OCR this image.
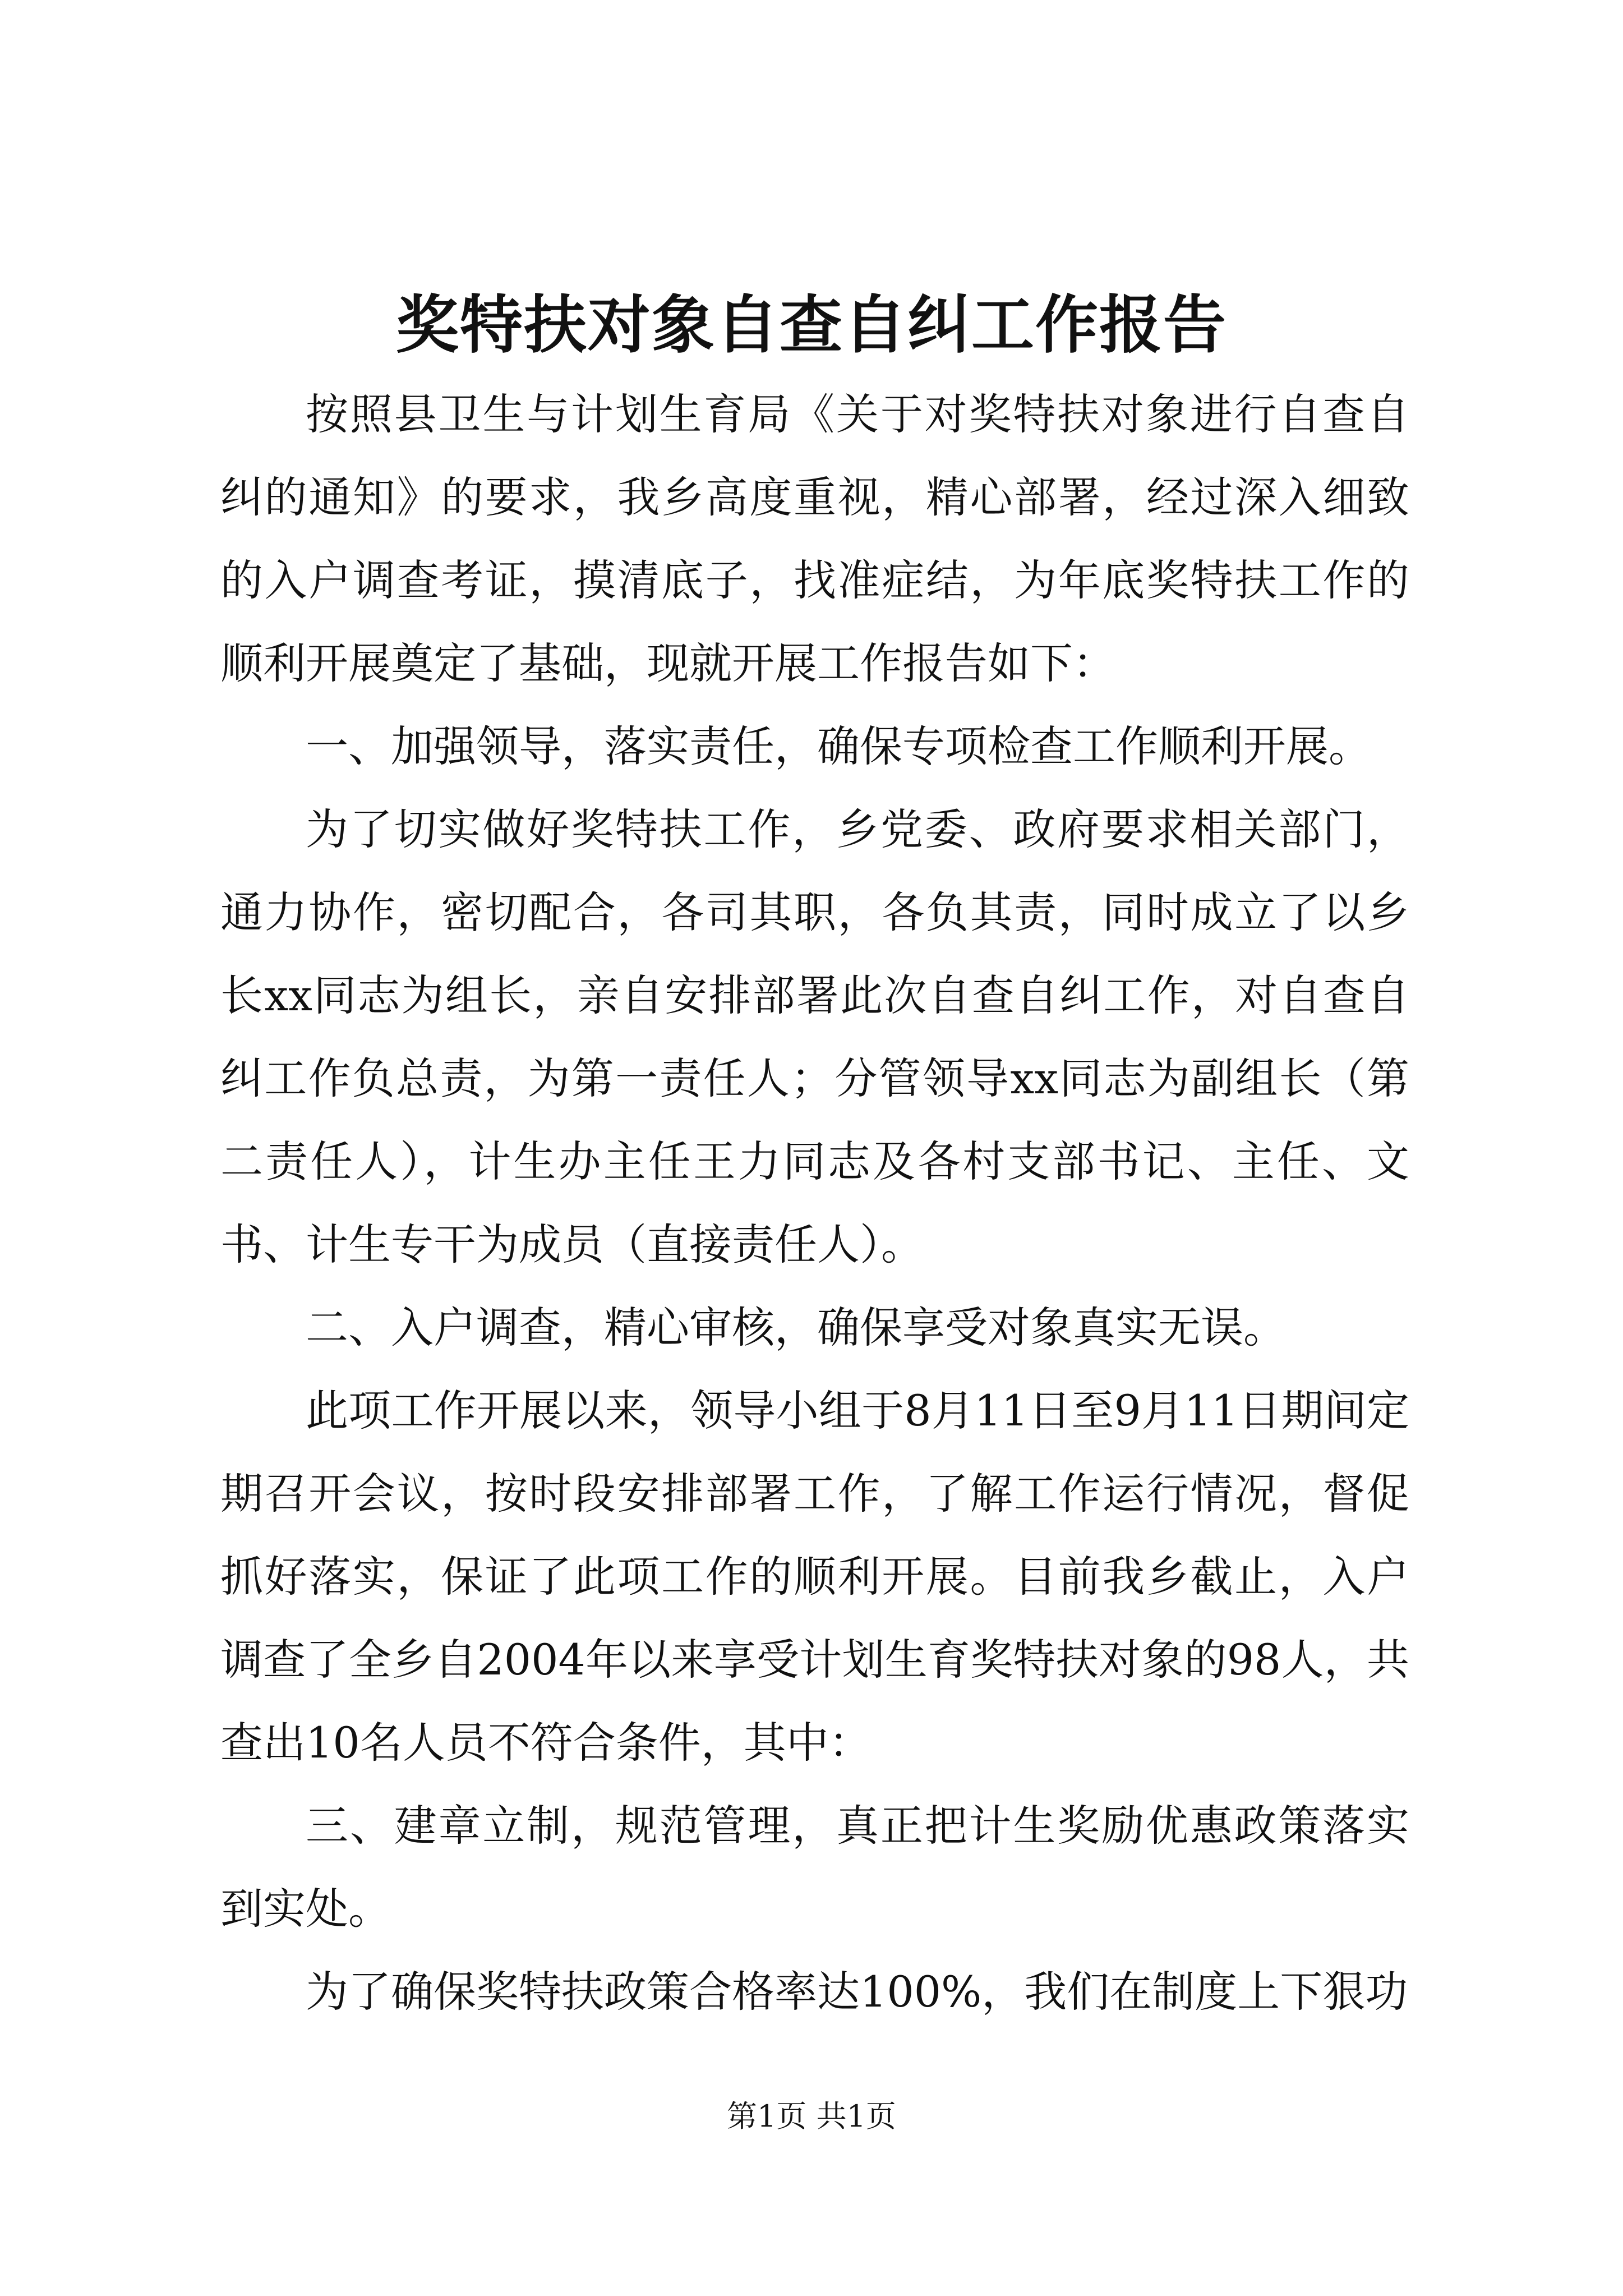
奖特扶对象自查自纠工作报告

按照县卫生与计划生育局《关于对奖特扶对象进行自查自纠的通知》的要求，我乡高度重视，精心部署，经过深入细致的入户调查考证，摸清底子，找准症结，为年底奖特扶工作的顺利开展奠定了基础，现就开展工作报告如下：

一、加强领导，落实责任，确保专项检查工作顺利开展。

为了切实做好奖特扶工作，乡党委、政府要求相关部门，通力协作，密切配合，各司其职，各负其责，同时成立了以乡长xx同志为组长，亲自安排部署此次自查自纠工作，对自查自纠工作负总责，为第一责任人；分管领导xx同志为副组长（第二责任人），计生办主任王力同志及各村支部书记、主任、文书、计生专干为成员（直接责任人）。

二、入户调查，精心审核，确保享受对象真实无误。

此项工作开展以来，领导小组于8月11日至9月11日期间定期召开会议，按时段安排部署工作，了解工作运行情况，督促抓好落实，保证了此项工作的顺利开展。目前我乡截止，入户调查了全乡自2004年以来享受计划生育奖特扶对象的98人，共查出10名人员不符合条件，其中：

三、建章立制，规范管理，真正把计生奖励优惠政策落实到实处。

为了确保奖特扶政策合格率达100%，我们在制度上下狠功

第1页 共1页
